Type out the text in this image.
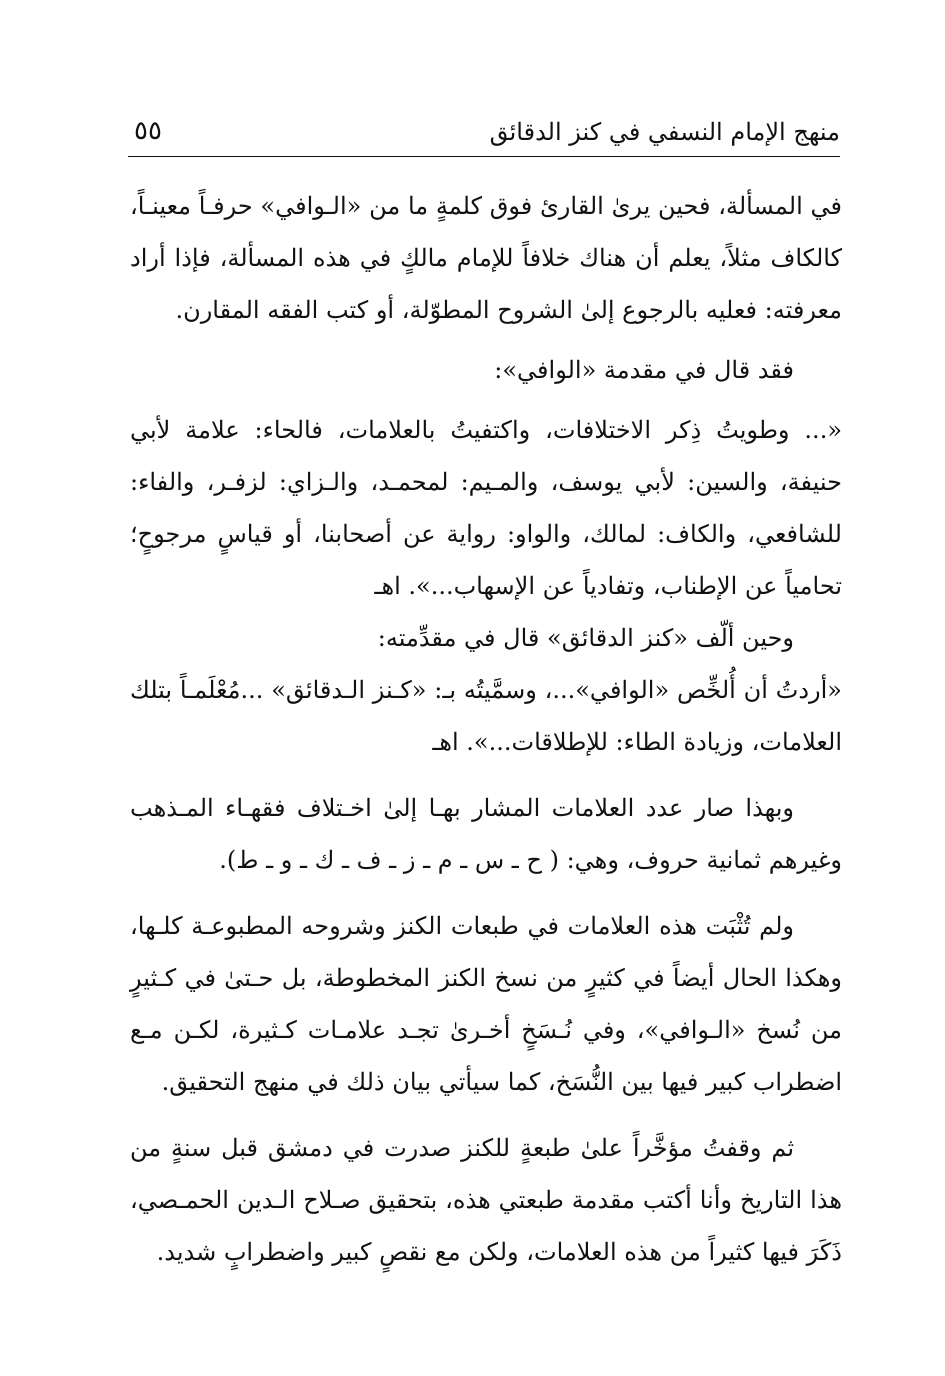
منهج الإمام النسفي في كنز الدقائق
٥٥

في المسألة، فحين يرىٰ القارئ فوق كلمةٍ ما من «الـوافي» حرفـاً معينـاً، كالكاف مثلاً، يعلم أن هناك خلافاً للإمام مالكٍ في هذه المسألة، فإذا أراد معرفته: فعليه بالرجوع إلىٰ الشروح المطوّلة، أو كتب الفقه المقارن.

فقد قال في مقدمة «الوافي»:

«... وطويتُ ذِكر الاختلافات، واكتفيتُ بالعلامات، فالحاء: علامة لأبي حنيفة، والسين: لأبي يوسف، والمـيم: لمحمـد، والـزاي: لزفـر، والفاء: للشافعي، والكاف: لمالك، والواو: رواية عن أصحابنا، أو قياسٍ مرجوحٍ؛ تحامياً عن الإطناب، وتفادياً عن الإسهاب...». اهـ

وحين ألّف «كنز الدقائق» قال في مقدِّمته:

«أردتُ أن أُلخِّص «الوافي»...، وسمَّيتُه بـ: «كـنز الـدقائق» ...مُعْلَمـاً بتلك العلامات، وزيادة الطاء: للإطلاقات...». اهـ

وبهذا صار عدد العلامات المشار بهـا إلىٰ اخـتلاف فقهـاء المـذهب وغيرهم ثمانية حروف، وهي: ( ح ـ س ـ م ـ ز ـ ف ـ ك ـ و ـ ط).

ولم تُثْبَت هذه العلامات في طبعات الكنز وشروحه المطبوعـة كلـها، وهكذا الحال أيضاً في كثيرٍ من نسخ الكنز المخطوطة، بل حـتىٰ في كـثيرٍ من نُسخ «الـوافي»، وفي نُـسَخٍ أخـرىٰ تجـد علامـات كـثيرة، لكـن مـع اضطراب كبير فيها بين النُّسَخ، كما سيأتي بيان ذلك في منهج التحقيق.

ثم وقفتُ مؤخَّراً علىٰ طبعةٍ للكنز صدرت في دمشق قبل سنةٍ من هذا التاريخ وأنا أكتب مقدمة طبعتي هذه، بتحقيق صـلاح الـدين الحمـصي، ذَكَرَ فيها كثيراً من هذه العلامات، ولكن مع نقصٍ كبير واضطرابٍ شديد.
